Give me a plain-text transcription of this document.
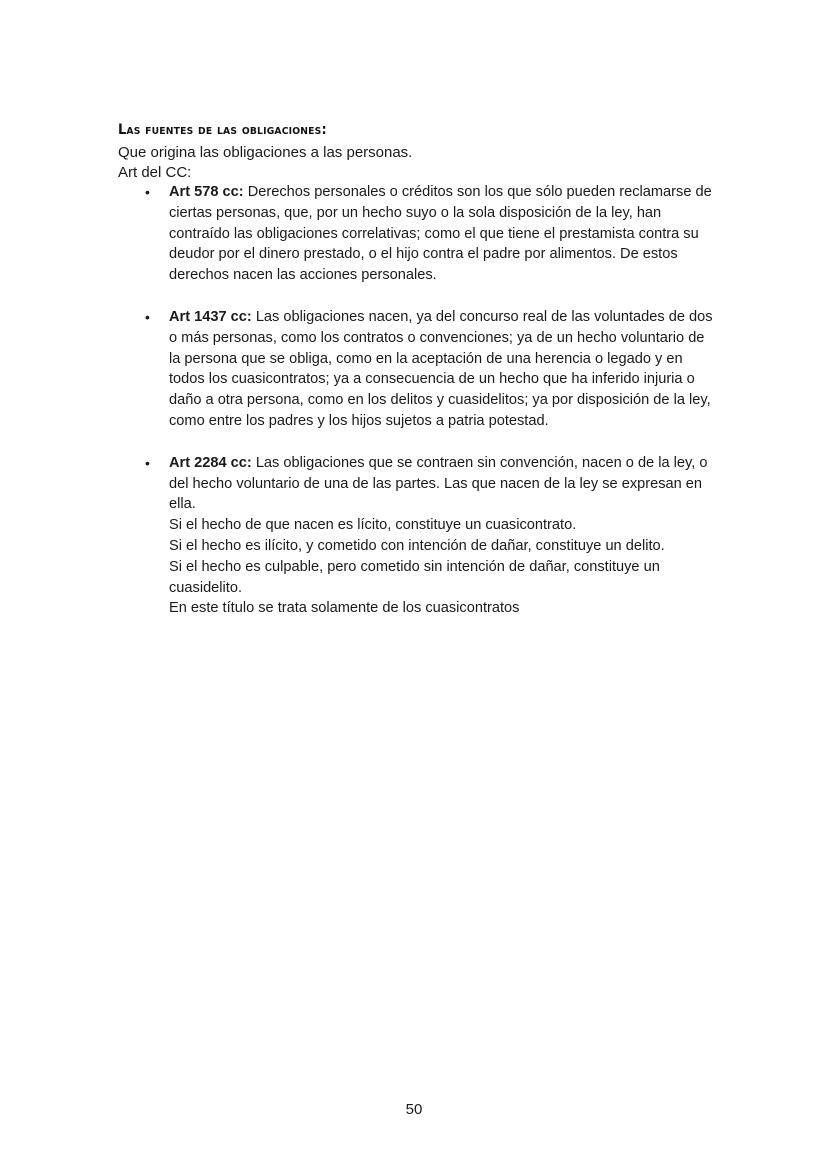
Las fuentes de las obligaciones:
Que origina las obligaciones a las personas.
Art del CC:
• Art 578 cc: Derechos personales o créditos son los que sólo pueden reclamarse de ciertas personas, que, por un hecho suyo o la sola disposición de la ley, han contraído las obligaciones correlativas; como el que tiene el prestamista contra su deudor por el dinero prestado, o el hijo contra el padre por alimentos. De estos derechos nacen las acciones personales.
• Art 1437 cc: Las obligaciones nacen, ya del concurso real de las voluntades de dos o más personas, como los contratos o convenciones; ya de un hecho voluntario de la persona que se obliga, como en la aceptación de una herencia o legado y en todos los cuasicontratos; ya a consecuencia de un hecho que ha inferido injuria o daño a otra persona, como en los delitos y cuasidelitos; ya por disposición de la ley, como entre los padres y los hijos sujetos a patria potestad.
• Art 2284 cc: Las obligaciones que se contraen sin convención, nacen o de la ley, o del hecho voluntario de una de las partes. Las que nacen de la ley se expresan en ella.
Si el hecho de que nacen es lícito, constituye un cuasicontrato.
Si el hecho es ilícito, y cometido con intención de dañar, constituye un delito.
Si el hecho es culpable, pero cometido sin intención de dañar, constituye un cuasidelito.
En este título se trata solamente de los cuasicontratos
50
